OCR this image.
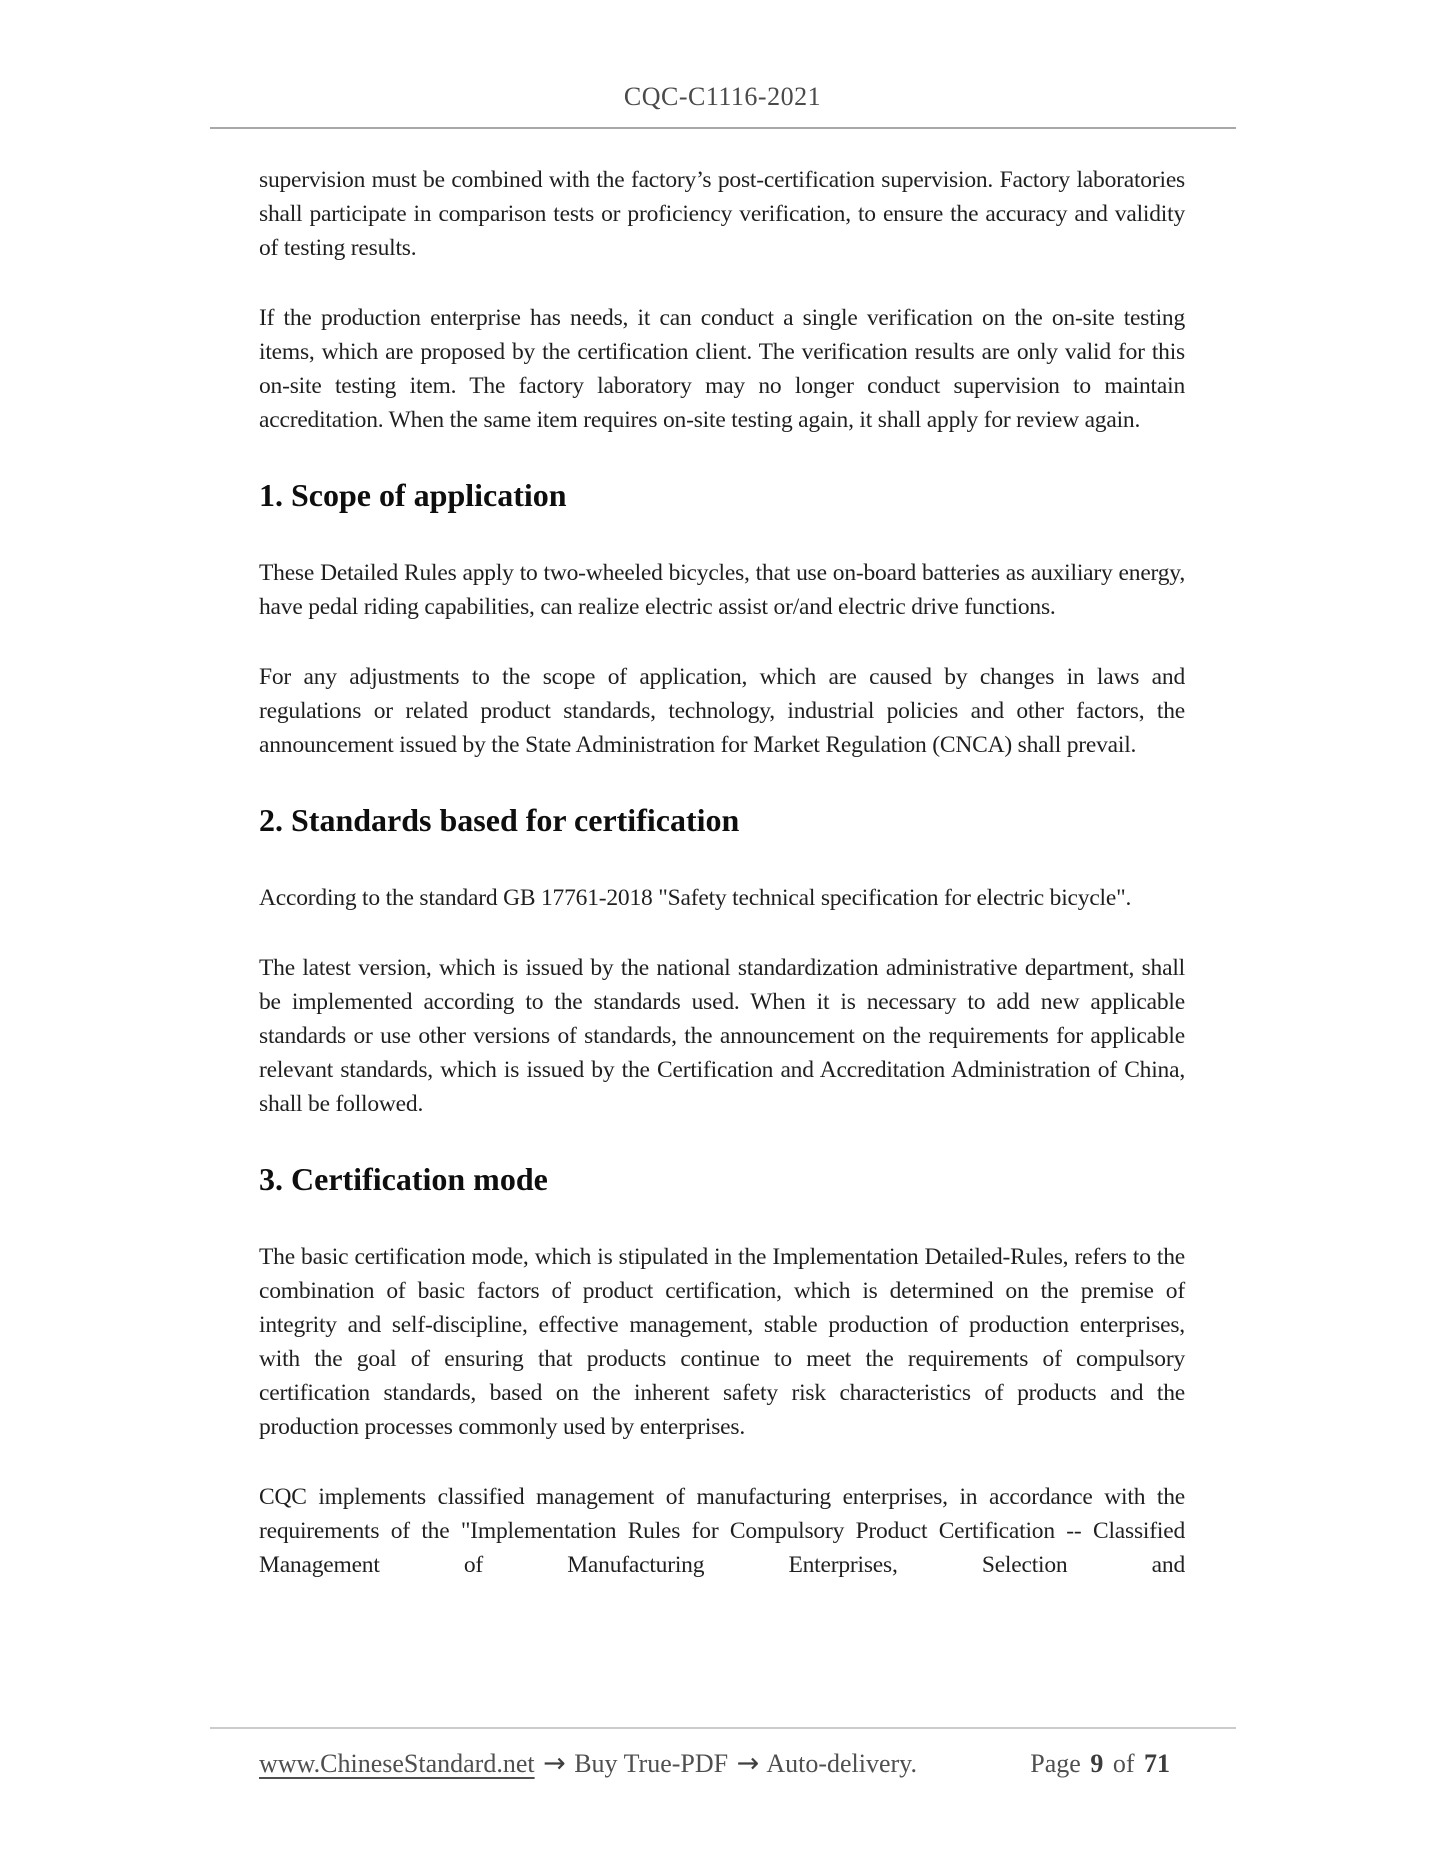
CQC-C1116-2021

supervision must be combined with the factory’s post-certification supervision. Factory laboratories shall participate in comparison tests or proficiency verification, to ensure the accuracy and validity of testing results.

If the production enterprise has needs, it can conduct a single verification on the on-site testing items, which are proposed by the certification client. The verification results are only valid for this on-site testing item. The factory laboratory may no longer conduct supervision to maintain accreditation. When the same item requires on-site testing again, it shall apply for review again.

1. Scope of application

These Detailed Rules apply to two-wheeled bicycles, that use on-board batteries as auxiliary energy, have pedal riding capabilities, can realize electric assist or/and electric drive functions.

For any adjustments to the scope of application, which are caused by changes in laws and regulations or related product standards, technology, industrial policies and other factors, the announcement issued by the State Administration for Market Regulation (CNCA) shall prevail.

2. Standards based for certification

According to the standard GB 17761-2018 "Safety technical specification for electric bicycle".

The latest version, which is issued by the national standardization administrative department, shall be implemented according to the standards used. When it is necessary to add new applicable standards or use other versions of standards, the announcement on the requirements for applicable relevant standards, which is issued by the Certification and Accreditation Administration of China, shall be followed.

3. Certification mode

The basic certification mode, which is stipulated in the Implementation Detailed-Rules, refers to the combination of basic factors of product certification, which is determined on the premise of integrity and self-discipline, effective management, stable production of production enterprises, with the goal of ensuring that products continue to meet the requirements of compulsory certification standards, based on the inherent safety risk characteristics of products and the production processes commonly used by enterprises.

CQC implements classified management of manufacturing enterprises, in accordance with the requirements of the "Implementation Rules for Compulsory Product Certification -- Classified Management of Manufacturing Enterprises, Selection and

www.ChineseStandard.net → Buy True-PDF → Auto-delivery.	Page 9 of 71
